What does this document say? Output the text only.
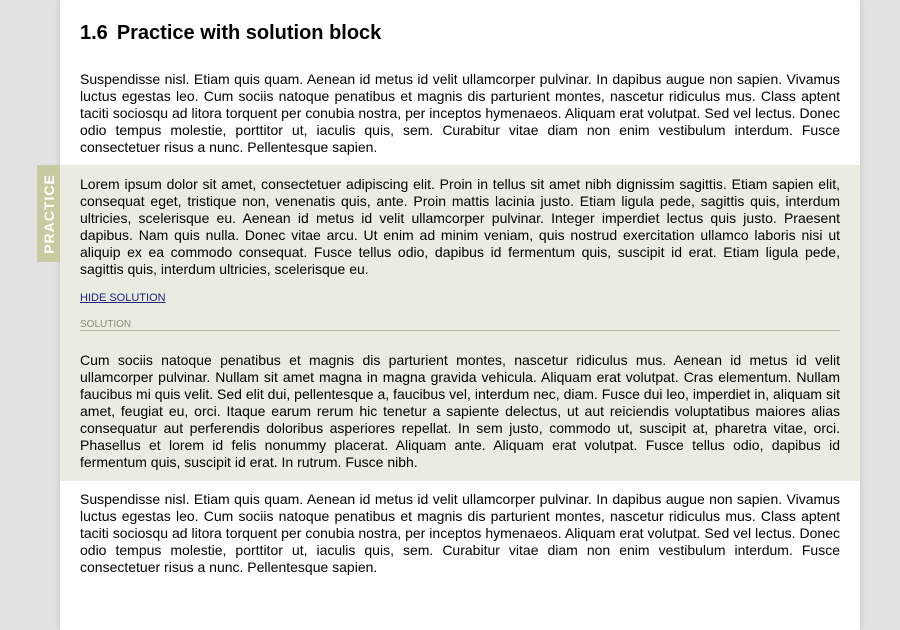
1.6 Practice with solution block

Suspendisse nisl. Etiam quis quam. Aenean id metus id velit ullamcorper pulvinar. In dapibus augue non sapien. Vivamus luctus egestas leo. Cum sociis natoque penatibus et magnis dis parturient montes, nascetur ridiculus mus. Class aptent taciti sociosqu ad litora torquent per conubia nostra, per inceptos hymenaeos. Aliquam erat volutpat. Sed vel lectus. Donec odio tempus molestie, porttitor ut, iaculis quis, sem. Curabitur vitae diam non enim vestibulum interdum. Fusce consectetuer risus a nunc. Pellentesque sapien.

PRACTICE Lorem ipsum dolor sit amet, consectetuer adipiscing elit. Proin in tellus sit amet nibh dignissim sagittis. Etiam sapien elit, consequat eget, tristique non, venenatis quis, ante. Proin mattis lacinia justo. Etiam ligula pede, sagittis quis, interdum ultricies, scelerisque eu. Aenean id metus id velit ullamcorper pulvinar. Integer imperdiet lectus quis justo. Praesent dapibus. Nam quis nulla. Donec vitae arcu. Ut enim ad minim veniam, quis nostrud exercitation ullamco laboris nisi ut aliquip ex ea commodo consequat. Fusce tellus odio, dapibus id fermentum quis, suscipit id erat. Etiam ligula pede, sagittis quis, interdum ultricies, scelerisque eu.

HIDE SOLUTION
SOLUTION

Cum sociis natoque penatibus et magnis dis parturient montes, nascetur ridiculus mus. Aenean id metus id velit ullamcorper pulvinar. Nullam sit amet magna in magna gravida vehicula. Aliquam erat volutpat. Cras elementum. Nullam faucibus mi quis velit. Sed elit dui, pellentesque a, faucibus vel, interdum nec, diam. Fusce dui leo, imperdiet in, aliquam sit amet, feugiat eu, orci. Itaque earum rerum hic tenetur a sapiente delectus, ut aut reiciendis voluptatibus maiores alias consequatur aut perferendis doloribus asperiores repellat. In sem justo, commodo ut, suscipit at, pharetra vitae, orci. Phasellus et lorem id felis nonummy placerat. Aliquam ante. Aliquam erat volutpat. Fusce tellus odio, dapibus id fermentum quis, suscipit id erat. In rutrum. Fusce nibh.

Suspendisse nisl. Etiam quis quam. Aenean id metus id velit ullamcorper pulvinar. In dapibus augue non sapien. Vivamus luctus egestas leo. Cum sociis natoque penatibus et magnis dis parturient montes, nascetur ridiculus mus. Class aptent taciti sociosqu ad litora torquent per conubia nostra, per inceptos hymenaeos. Aliquam erat volutpat. Sed vel lectus. Donec odio tempus molestie, porttitor ut, iaculis quis, sem. Curabitur vitae diam non enim vestibulum interdum. Fusce consectetuer risus a nunc. Pellentesque sapien.
